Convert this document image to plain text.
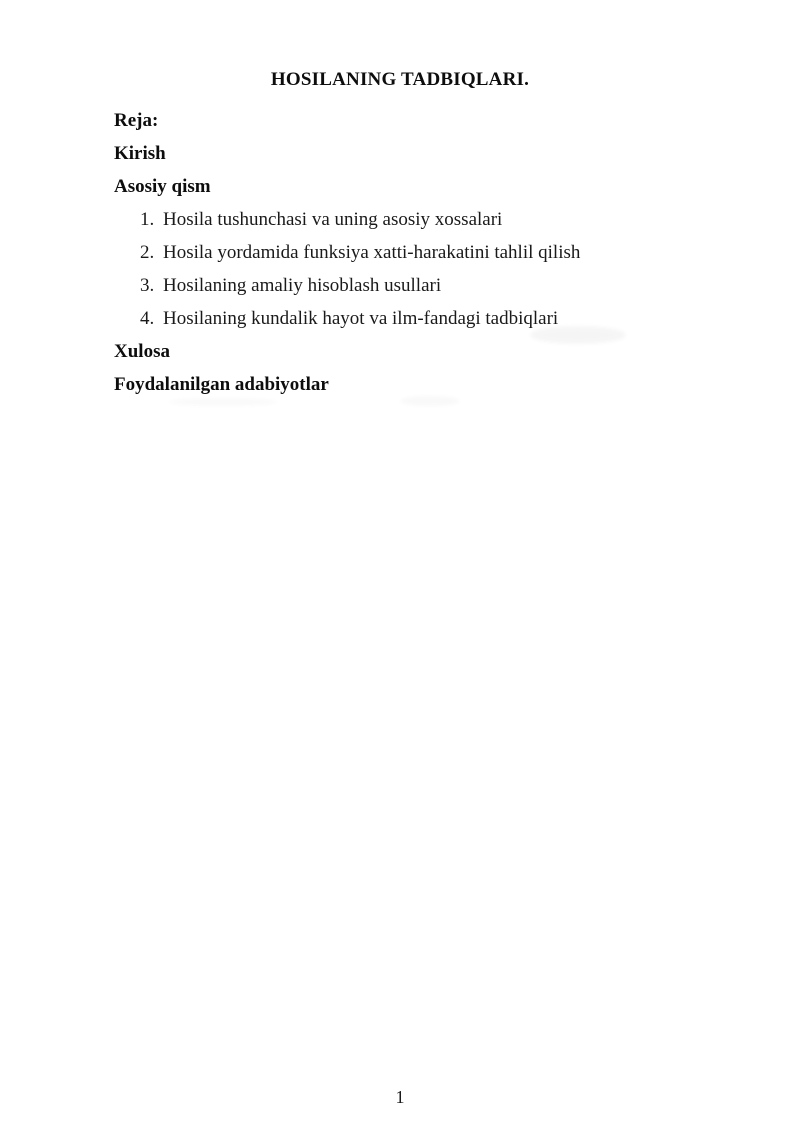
HOSILANING TADBIQLARI.

Reja:

Kirish

Asosiy qism

1. Hosila tushunchasi va uning asosiy xossalari
2. Hosila yordamida funksiya xatti-harakatini tahlil qilish
3. Hosilaning amaliy hisoblash usullari
4. Hosilaning kundalik hayot va ilm-fandagi tadbiqlari

Xulosa

Foydalanilgan adabiyotlar

1
